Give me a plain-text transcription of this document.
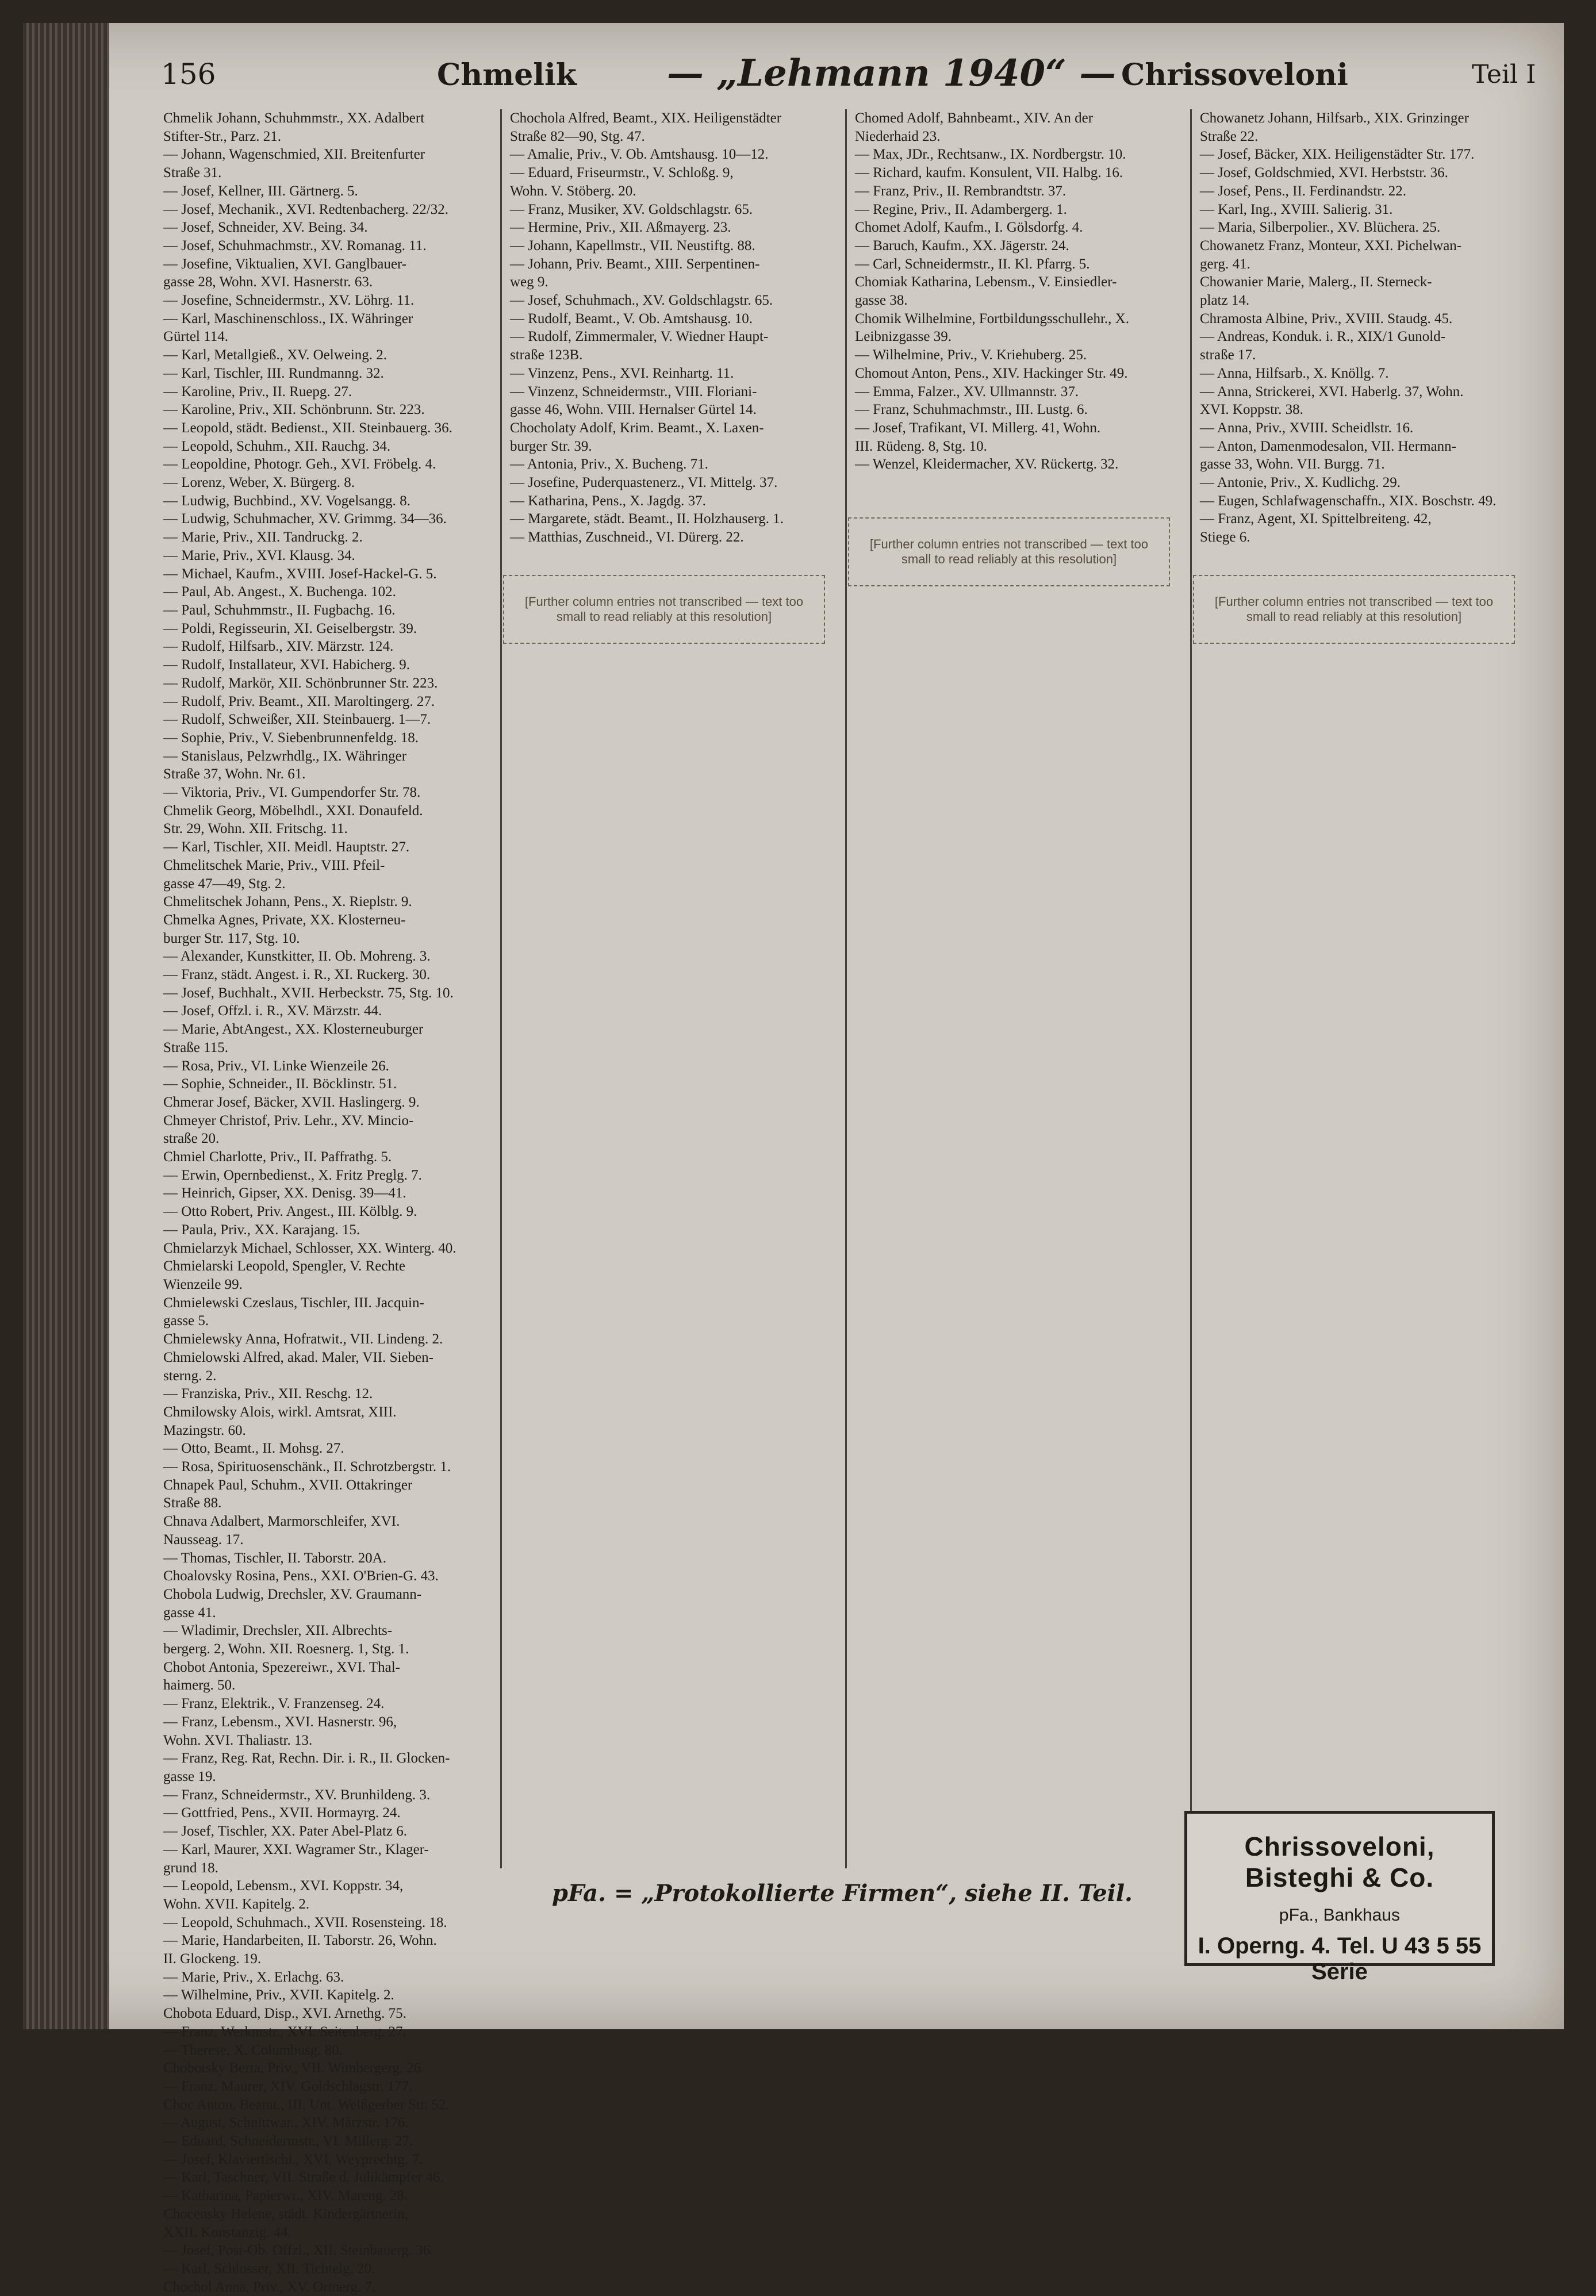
156	Chmelik — „Lehmann 1940“ — Chrissoveloni	Teil I

Chmelik Johann, Schuhmmstr., XX. Adalbert

Stifter-Str., Parz. 21.

— Johann, Wagenschmied, XII. Breitenfurter

Straße 31.

— Josef, Kellner, III. Gärtnerg. 5.

— Josef, Mechanik., XVI. Redtenbacherg. 22/32.

— Josef, Schneider, XV. Being. 34.

— Josef, Schuhmachmstr., XV. Romanag. 11.

— Josefine, Viktualien, XVI. Ganglbauer-

gasse 28, Wohn. XVI. Hasnerstr. 63.

— Josefine, Schneidermstr., XV. Löhrg. 11.

— Karl, Maschinenschloss., IX. Währinger

Gürtel 114.

— Karl, Metallgieß., XV. Oelweing. 2.

— Karl, Tischler, III. Rundmanng. 32.

— Karoline, Priv., II. Ruepg. 27.

— Karoline, Priv., XII. Schönbrunn. Str. 223.

— Leopold, städt. Bedienst., XII. Steinbauerg. 36.

— Leopold, Schuhm., XII. Rauchg. 34.

— Leopoldine, Photogr. Geh., XVI. Fröbelg. 4.

— Lorenz, Weber, X. Bürgerg. 8.

— Ludwig, Buchbind., XV. Vogelsangg. 8.

— Ludwig, Schuhmacher, XV. Grimmg. 34—36.

— Marie, Priv., XII. Tandruckg. 2.

— Marie, Priv., XVI. Klausg. 34.

— Michael, Kaufm., XVIII. Josef-Hackel-G. 5.

— Paul, Ab. Angest., X. Buchenga. 102.

— Paul, Schuhmmstr., II. Fugbachg. 16.

— Poldi, Regisseurin, XI. Geiselbergstr. 39.

— Rudolf, Hilfsarb., XIV. Märzstr. 124.

— Rudolf, Installateur, XVI. Habicherg. 9.

— Rudolf, Markör, XII. Schönbrunner Str. 223.

— Rudolf, Priv. Beamt., XII. Maroltingerg. 27.

— Rudolf, Schweißer, XII. Steinbauerg. 1—7.

— Sophie, Priv., V. Siebenbrunnenfeldg. 18.

— Stanislaus, Pelzwrhdlg., IX. Währinger

Straße 37, Wohn. Nr. 61.

— Viktoria, Priv., VI. Gumpendorfer Str. 78.

Chmelik Georg, Möbelhdl., XXI. Donaufeld.

Str. 29, Wohn. XII. Fritschg. 11.

— Karl, Tischler, XII. Meidl. Hauptstr. 27.

Chmelitschek Marie, Priv., VIII. Pfeil-

gasse 47—49, Stg. 2.

Chmelitschek Johann, Pens., X. Rieplstr. 9.

Chmelka Agnes, Private, XX. Klosterneu-

burger Str. 117, Stg. 10.

— Alexander, Kunstkitter, II. Ob. Mohreng. 3.

— Franz, städt. Angest. i. R., XI. Ruckerg. 30.

— Josef, Buchhalt., XVII. Herbeckstr. 75, Stg. 10.

— Josef, Offzl. i. R., XV. Märzstr. 44.

— Marie, AbtAngest., XX. Klosterneuburger

Straße 115.

— Rosa, Priv., VI. Linke Wienzeile 26.

— Sophie, Schneider., II. Böcklinstr. 51.

Chmerar Josef, Bäcker, XVII. Haslingerg. 9.

Chmeyer Christof, Priv. Lehr., XV. Mincio-

straße 20.

Chmiel Charlotte, Priv., II. Paffrathg. 5.

— Erwin, Opernbedienst., X. Fritz Preglg. 7.

— Heinrich, Gipser, XX. Denisg. 39—41.

— Otto Robert, Priv. Angest., III. Kölblg. 9.

— Paula, Priv., XX. Karajang. 15.

Chmielarzyk Michael, Schlosser, XX. Winterg. 40.

Chmielarski Leopold, Spengler, V. Rechte

Wienzeile 99.

Chmielewski Czeslaus, Tischler, III. Jacquin-

gasse 5.

Chmielewsky Anna, Hofratwit., VII. Lindeng. 2.

Chmielowski Alfred, akad. Maler, VII. Sieben-

sterng. 2.

— Franziska, Priv., XII. Reschg. 12.

Chmilowsky Alois, wirkl. Amtsrat, XIII.

Mazingstr. 60.

— Otto, Beamt., II. Mohsg. 27.

— Rosa, Spirituosenschänk., II. Schrotzbergstr. 1.

Chnapek Paul, Schuhm., XVII. Ottakringer

Straße 88.

Chnava Adalbert, Marmorschleifer, XVI.

Nausseag. 17.

— Thomas, Tischler, II. Taborstr. 20A.

Choalovsky Rosina, Pens., XXI. O'Brien-G. 43.

Chobola Ludwig, Drechsler, XV. Graumann-

gasse 41.

— Wladimir, Drechsler, XII. Albrechts-

bergerg. 2, Wohn. XII. Roesnerg. 1, Stg. 1.

Chobot Antonia, Spezereiwr., XVI. Thal-

haimerg. 50.

— Franz, Elektrik., V. Franzenseg. 24.

— Franz, Lebensm., XVI. Hasnerstr. 96,

Wohn. XVI. Thaliastr. 13.

— Franz, Reg. Rat, Rechn. Dir. i. R., II. Glocken-

gasse 19.

— Franz, Schneidermstr., XV. Brunhildeng. 3.

— Gottfried, Pens., XVII. Hormayrg. 24.

— Josef, Tischler, XX. Pater Abel-Platz 6.

— Karl, Maurer, XXI. Wagramer Str., Klager-

grund 18.

— Leopold, Lebensm., XVI. Koppstr. 34,

Wohn. XVII. Kapitelg. 2.

— Leopold, Schuhmach., XVII. Rosensteing. 18.

— Marie, Handarbeiten, II. Taborstr. 26, Wohn.

II. Glockeng. 19.

— Marie, Priv., X. Erlachg. 63.

— Wilhelmine, Priv., XVII. Kapitelg. 2.

Chobota Eduard, Disp., XVI. Arnethg. 75.

— Franz, Werkmstr., XVI. Seitenberg. 27.

— Therese, X. Columbusg. 80.

Chobotsky Berta, Priv., VII. Wimbergerg. 26.

— Franz, Maurer, XIV. Goldschlagstr. 177.

Choc Anton, Beamt., III. Unt. Weißgerber Str. 52.

— August, Schnittwar., XIV. Märzstr. 176.

— Eduard, Schneidermstr., VI. Millerg. 27.

— Josef, Klaviertischl., XVI. Weyprechtg. 7.

— Karl, Taschner, VII. Straße d. Julikämpfer 46.

— Katharina, Papierwr., XIV. Mareng. 28.

Chocensky Helene, städt. Kindergärtnerin,

XXII. Konstanzig. 44.

— Josef, Post-Ob. Offzl., XII. Steinbauerg. 36.

— Karl, Schlosser, XII. Tichtelg. 20.

Chochol Anna, Priv., XV. Ortnerg. 7.

Chochola Alfred, Beamt., XIX. Heiligenstädter

Straße 82—90, Stg. 47.

— Amalie, Priv., V. Ob. Amtshausg. 10—12.

— Eduard, Friseurmstr., V. Schloßg. 9,

Wohn. V. Stöberg. 20.

— Franz, Musiker, XV. Goldschlagstr. 65.

— Hermine, Priv., XII. Aßmayerg. 23.

— Johann, Kapellmstr., VII. Neustiftg. 88.

— Johann, Priv. Beamt., XIII. Serpentinen-

weg 9.

— Josef, Schuhmach., XV. Goldschlagstr. 65.

— Rudolf, Beamt., V. Ob. Amtshausg. 10.

— Rudolf, Zimmermaler, V. Wiedner Haupt-

straße 123B.

— Vinzenz, Pens., XVI. Reinhartg. 11.

— Vinzenz, Schneidermstr., VIII. Floriani-

gasse 46, Wohn. VIII. Hernalser Gürtel 14.

Chocholaty Adolf, Krim. Beamt., X. Laxen-

burger Str. 39.

— Antonia, Priv., X. Bucheng. 71.

— Josefine, Puderquastenerz., VI. Mittelg. 37.

— Katharina, Pens., X. Jagdg. 37.

— Margarete, städt. Beamt., II. Holzhauserg. 1.

— Matthias, Zuschneid., VI. Dürerg. 22.

Chomed Adolf, Bahnbeamt., XIV. An der

Niederhaid 23.

— Max, JDr., Rechtsanw., IX. Nordbergstr. 10.

— Richard, kaufm. Konsulent, VII. Halbg. 16.

— Franz, Priv., II. Rembrandtstr. 37.

— Regine, Priv., II. Adambergerg. 1.

Chomet Adolf, Kaufm., I. Gölsdorfg. 4.

— Baruch, Kaufm., XX. Jägerstr. 24.

— Carl, Schneidermstr., II. Kl. Pfarrg. 5.

Chomiak Katharina, Lebensm., V. Einsiedler-

gasse 38.

Chomik Wilhelmine, Fortbildungsschullehr., X.

Leibnizgasse 39.

— Wilhelmine, Priv., V. Kriehuberg. 25.

Chomout Anton, Pens., XIV. Hackinger Str. 49.

— Emma, Falzer., XV. Ullmannstr. 37.

— Franz, Schuhmachmstr., III. Lustg. 6.

— Josef, Trafikant, VI. Millerg. 41, Wohn.

III. Rüdeng. 8, Stg. 10.

— Wenzel, Kleidermacher, XV. Rückertg. 32.

Chowanetz Johann, Hilfsarb., XIX. Grinzinger

Straße 22.

— Josef, Bäcker, XIX. Heiligenstädter Str. 177.

— Josef, Goldschmied, XVI. Herbststr. 36.

— Josef, Pens., II. Ferdinandstr. 22.

— Karl, Ing., XVIII. Salierig. 31.

— Maria, Silberpolier., XV. Blüchera. 25.

Chowanetz Franz, Monteur, XXI. Pichelwan-

gerg. 41.

Chowanier Marie, Malerg., II. Sterneck-

platz 14.

Chramosta Albine, Priv., XVIII. Staudg. 45.

— Andreas, Konduk. i. R., XIX/1 Gunold-

straße 17.

— Anna, Hilfsarb., X. Knöllg. 7.

— Anna, Strickerei, XVI. Haberlg. 37, Wohn.

XVI. Koppstr. 38.

— Anna, Priv., XVIII. Scheidlstr. 16.

— Anton, Damenmodesalon, VII. Hermann-

gasse 33, Wohn. VII. Burgg. 71.

— Antonie, Priv., X. Kudlichg. 29.

— Eugen, Schlafwagenschaffn., XIX. Boschstr. 49.

— Franz, Agent, XI. Spittelbreiteng. 42,

Stiege 6.

[Further column entries not transcribed — text too small to read reliably at this resolution]
[Further column entries not transcribed — text too small to read reliably at this resolution]
[Further column entries not transcribed — text too small to read reliably at this resolution]
Chrissoveloni, Bisteghi & Co.
pFa., Bankhaus
I. Operng. 4. Tel. U 43 5 55 Serie
pFa. = „Protokollierte Firmen“, siehe II. Teil.
